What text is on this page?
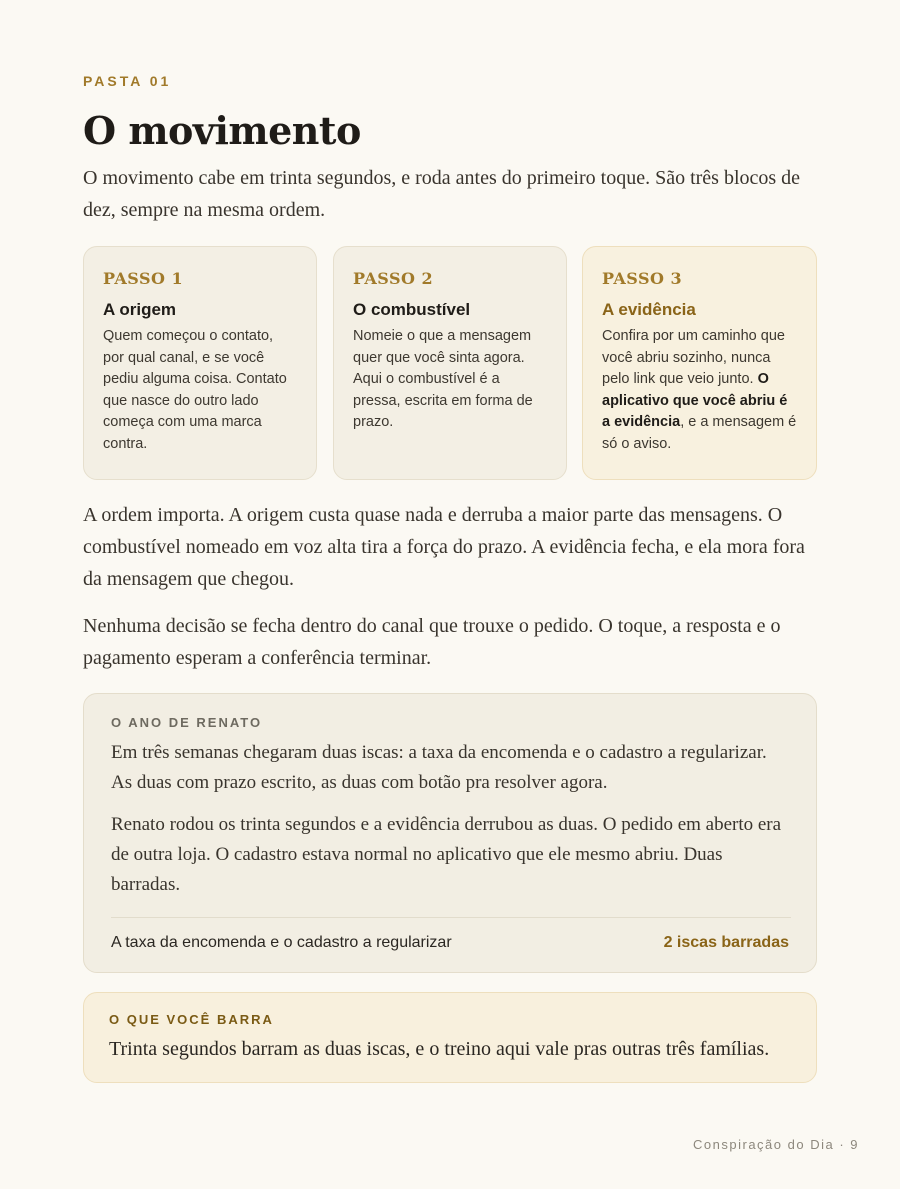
PASTA 01
O movimento

O movimento cabe em trinta segundos, e roda antes do primeiro toque. São três blocos de dez, sempre na mesma ordem.

PASSO 1
A origem
Quem começou o contato, por qual canal, e se você pediu alguma coisa. Contato que nasce do outro lado começa com uma marca contra.
PASSO 2
O combustível
Nomeie o que a mensagem quer que você sinta agora. Aqui o combustível é a pressa, escrita em forma de prazo.
PASSO 3
A evidência
Confira por um caminho que você abriu sozinho, nunca pelo link que veio junto. O aplicativo que você abriu é a evidência, e a mensagem é só o aviso.

A ordem importa. A origem custa quase nada e derruba a maior parte das mensagens. O combustível nomeado em voz alta tira a força do prazo. A evidência fecha, e ela mora fora da mensagem que chegou.

Nenhuma decisão se fecha dentro do canal que trouxe o pedido. O toque, a resposta e o pagamento esperam a conferência terminar.

O ANO DE RENATO

Em três semanas chegaram duas iscas: a taxa da encomenda e o cadastro a regularizar. As duas com prazo escrito, as duas com botão pra resolver agora.

Renato rodou os trinta segundos e a evidência derrubou as duas. O pedido em aberto era de outra loja. O cadastro estava normal no aplicativo que ele mesmo abriu. Duas barradas.

A taxa da encomenda e o cadastro a regularizar	2 iscas barradas
O QUE VOCÊ BARRA
Trinta segundos barram as duas iscas, e o treino aqui vale pras outras três famílias.
Conspiração do Dia · 9
